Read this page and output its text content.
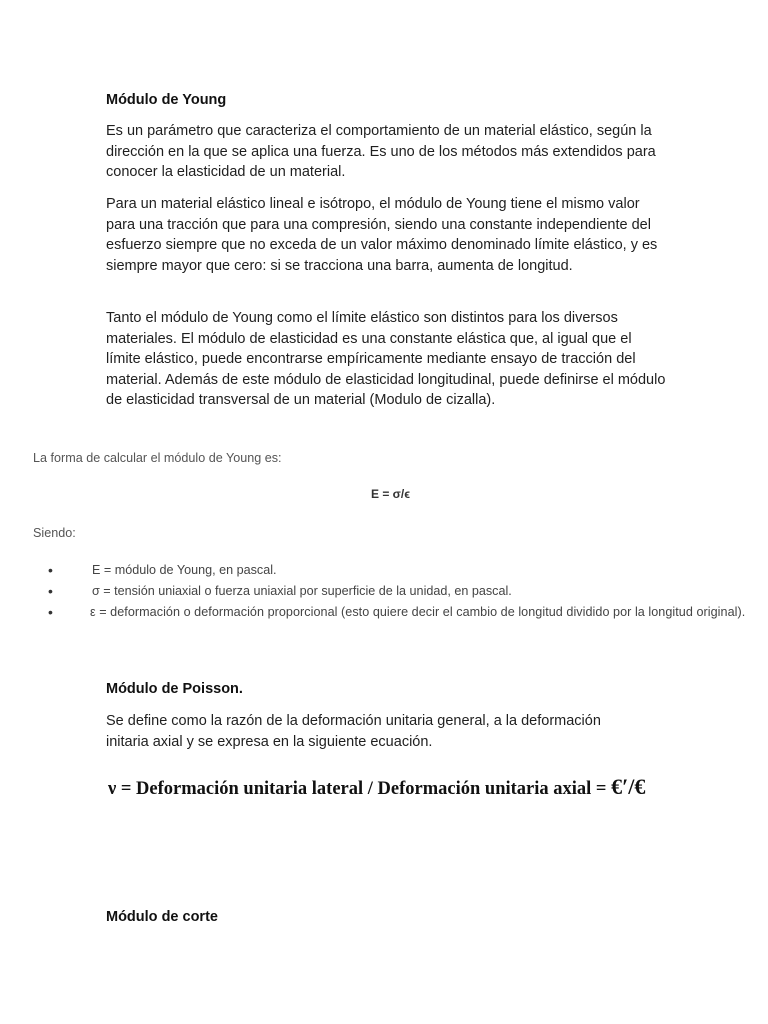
Módulo de Young

Es un parámetro que caracteriza el comportamiento de un material elástico, según la dirección en la que se aplica una fuerza. Es uno de los métodos más extendidos para conocer la elasticidad de un material.

Para un material elástico lineal e isótropo, el módulo de Young tiene el mismo valor para una tracción que para una compresión, siendo una constante independiente del esfuerzo siempre que no exceda de un valor máximo denominado límite elástico, y es siempre mayor que cero: si se tracciona una barra, aumenta de longitud.

Tanto el módulo de Young como el límite elástico son distintos para los diversos materiales. El módulo de elasticidad es una constante elástica que, al igual que el límite elástico, puede encontrarse empíricamente mediante ensayo de tracción del material. Además de este módulo de elasticidad longitudinal, puede definirse el módulo de elasticidad transversal de un material (Modulo de cizalla).

La forma de calcular el módulo de Young es:
E = σ/ϵ
Siendo:
•	E = módulo de Young, en pascal.
•	σ = tensión uniaxial o fuerza uniaxial por superficie de la unidad, en pascal.
•	ε = deformación o deformación proporcional (esto quiere decir el cambio de longitud dividido por la longitud original).
Módulo de Poisson.

Se define como la razón de la deformación unitaria general, a la deformación initaria axial y se expresa en la siguiente ecuación.

ν = Deformación unitaria lateral / Deformación unitaria axial = €′/€
Módulo de corte
